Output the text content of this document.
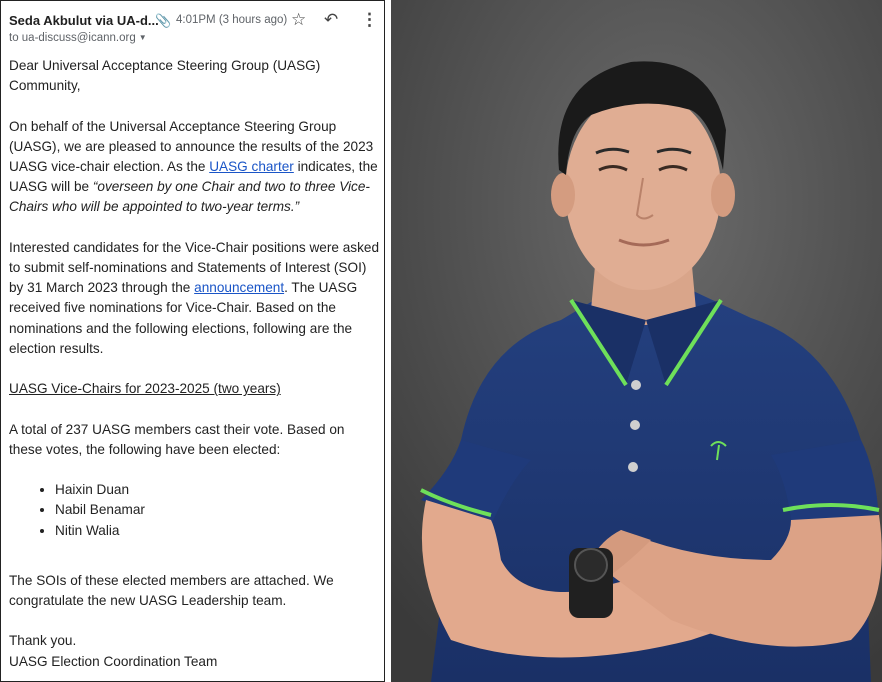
Seda Akbulut via UA-d...
📎 4:01PM (3 hours ago) ☆ ↶ ⋮
to ua-discuss@icann.org ▼

Dear Universal Acceptance Steering Group (UASG) Community,

On behalf of the Universal Acceptance Steering Group (UASG), we are pleased to announce the results of the 2023 UASG vice-chair election. As the UASG charter indicates, the UASG will be “overseen by one Chair and two to three Vice-Chairs who will be appointed to two-year terms.”

Interested candidates for the Vice-Chair positions were asked to submit self-nominations and Statements of Interest (SOI) by 31 March 2023 through the announcement. The UASG received five nominations for Vice-Chair. Based on the nominations and the following elections, following are the election results.

UASG Vice-Chairs for 2023-2025 (two years)

A total of 237 UASG members cast their vote. Based on these votes, the following have been elected:

• Haixin Duan
• Nabil Benamar
• Nitin Walia

The SOIs of these elected members are attached. We congratulate the new UASG Leadership team.

Thank you.

UASG Election Coordination Team
